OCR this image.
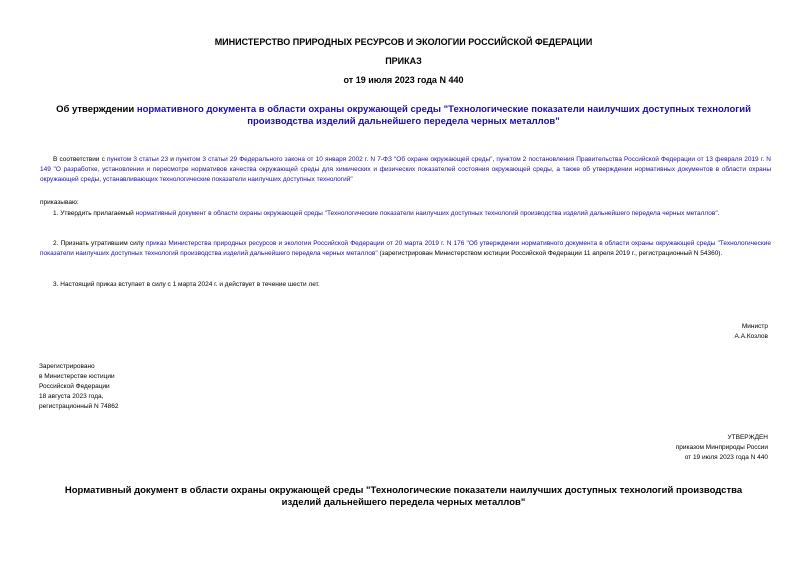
МИНИСТЕРСТВО ПРИРОДНЫХ РЕСУРСОВ И ЭКОЛОГИИ РОССИЙСКОЙ ФЕДЕРАЦИИ
ПРИКАЗ
от 19 июля 2023 года N 440
Об утверждении нормативного документа в области охраны окружающей среды "Технологические показатели наилучших доступных технологий производства изделий дальнейшего передела черных металлов"
В соответствии с пунктом 3 статьи 23 и пунктом 3 статьи 29 Федерального закона от 10 января 2002 г. N 7-ФЗ "Об охране окружающей среды", пунктом 2 постановления Правительства Российской Федерации от 13 февраля 2019 г. N 149 "О разработке, установлении и пересмотре нормативов качества окружающей среды для химических и физических показателей состояния окружающей среды, а также об утверждении нормативных документов в области охраны окружающей среды, устанавливающих технологические показатели наилучших доступных технологий"
приказываю:
1. Утвердить прилагаемый нормативный документ в области охраны окружающей среды "Технологические показатели наилучших доступных технологий производства изделий дальнейшего передела черных металлов".
2. Признать утратившим силу приказ Министерства природных ресурсов и экологии Российской Федерации от 20 марта 2019 г. N 176 "Об утверждении нормативного документа в области охраны окружающей среды "Технологические показатели наилучших доступных технологий производства изделий дальнейшего передела черных металлов" (зарегистрирован Министерством юстиции Российской Федерации 11 апреля 2019 г., регистрационный N 54360).
3. Настоящий приказ вступает в силу с 1 марта 2024 г. и действует в течение шести лет.
Министр
А.А.Козлов
Зарегистрировано
в Министерстве юстиции
Российской Федерации
18 августа 2023 года,
регистрационный N 74862
УТВЕРЖДЕН
приказом Минприроды России
от 19 июля 2023 года N 440
Нормативный документ в области охраны окружающей среды "Технологические показатели наилучших доступных технологий производства изделий дальнейшего передела черных металлов"
